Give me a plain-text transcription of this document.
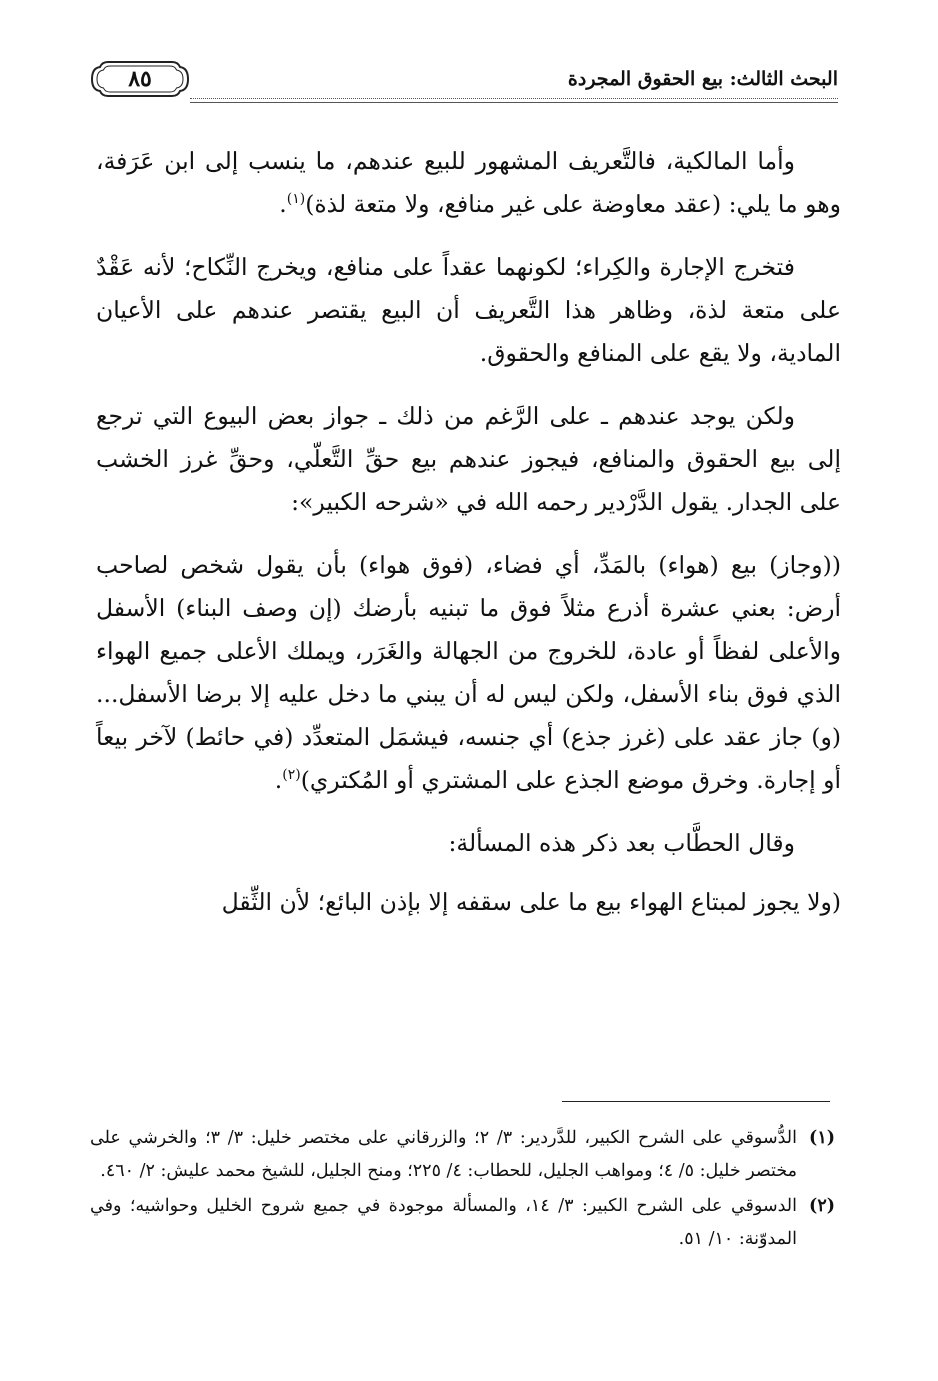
٨٥	البحث الثالث: بيع الحقوق المجردة

وأما المالكية، فالتَّعريف المشهور للبيع عندهم، ما ينسب إلى ابن عَرَفة، وهو ما يلي: (عقد معاوضة على غير منافع، ولا متعة لذة)$^{(١)}$.

فتخرج الإجارة والكِراء؛ لكونهما عقداً على منافع، ويخرج النِّكاح؛ لأنه عَقْدٌ على متعة لذة، وظاهر هذا التَّعريف أن البيع يقتصر عندهم على الأعيان المادية، ولا يقع على المنافع والحقوق.

ولكن يوجد عندهم ـ على الرَّغم من ذلك ـ جواز بعض البيوع التي ترجع إلى بيع الحقوق والمنافع، فيجوز عندهم بيع حقِّ التَّعلّي، وحقِّ غرز الخشب على الجدار. يقول الدَّرْدير رحمه الله في «شرحه الكبير»:

((وجاز) بيع (هواء) بالمَدِّ، أي فضاء، (فوق هواء) بأن يقول شخص لصاحب أرض: بعني عشرة أذرع مثلاً فوق ما تبنيه بأرضك (إن وصف البناء) الأسفل والأعلى لفظاً أو عادة، للخروج من الجهالة والغَرَر، ويملك الأعلى جميع الهواء الذي فوق بناء الأسفل، ولكن ليس له أن يبني ما دخل عليه إلا برضا الأسفل... (و) جاز عقد على (غرز جذع) أي جنسه، فيشمَل المتعدِّد (في حائط) لآخر بيعاً أو إجارة. وخرق موضع الجذع على المشتري أو المُكتري)$^{(٢)}$.

وقال الحطَّاب بعد ذكر هذه المسألة:

(ولا يجوز لمبتاع الهواء بيع ما على سقفه إلا بإذن البائع؛ لأن الثِّقل

(١)
الدُّسوقي على الشرح الكبير، للدَّردير: ٣/ ٢؛ والزرقاني على مختصر خليل: ٣/ ٣؛ والخرشي على مختصر خليل: ٥/ ٤؛ ومواهب الجليل، للحطاب: ٤/ ٢٢٥؛ ومنح الجليل، للشيخ محمد عليش: ٢/ ٤٦٠.

(٢)
الدسوقي على الشرح الكبير: ٣/ ١٤، والمسألة موجودة في جميع شروح الخليل وحواشيه؛ وفي المدوّنة: ١٠/ ٥١.
